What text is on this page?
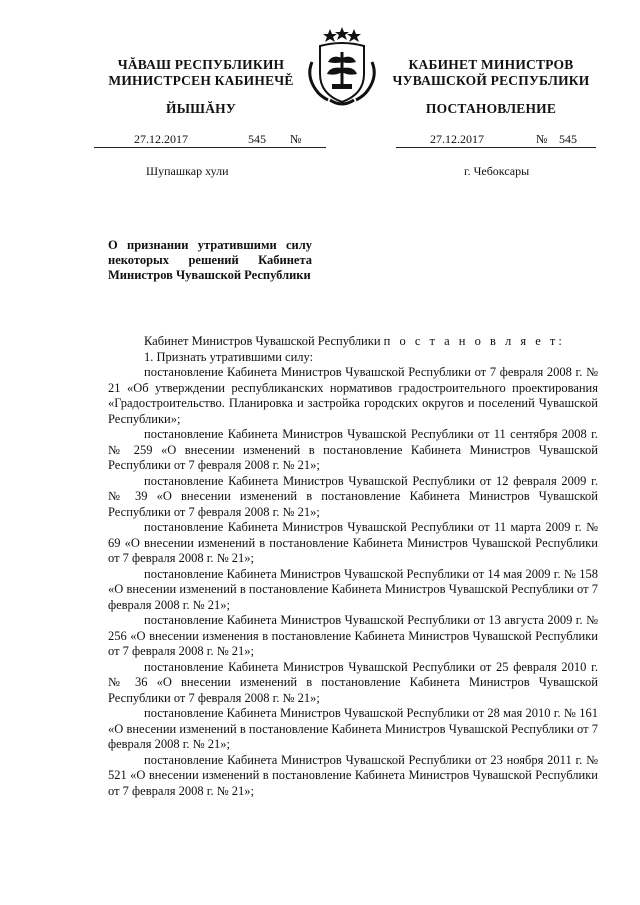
ЧĂВАШ РЕСПУБЛИКИН
МИНИСТРСЕН КАБИНЕЧĚ
ЙЫШĂНУ
КАБИНЕТ МИНИСТРОВ
ЧУВАШСКОЙ РЕСПУБЛИКИ
ПОСТАНОВЛЕНИЕ
27.12.2017	545 №	27.12.2017	№ 545
Шупашкар хули	г. Чебоксары
О признании утратившими силу некоторых решений Кабинета Министров Чувашской Республики

Кабинет Министров Чувашской Республики п о с т а н о в л я е т:

1. Признать утратившими силу:

постановление Кабинета Министров Чувашской Республики от 7 февраля 2008 г. № 21 «Об утверждении республиканских нормативов градостроительного проектирования «Градостроительство. Планировка и застройка городских округов и поселений Чувашской Республики»;

постановление Кабинета Министров Чувашской Республики от 11 сентября 2008 г. № 259 «О внесении изменений в постановление Кабинета Министров Чувашской Республики от 7 февраля 2008 г. № 21»;

постановление Кабинета Министров Чувашской Республики от 12 февраля 2009 г. № 39 «О внесении изменений в постановление Кабинета Министров Чувашской Республики от 7 февраля 2008 г. № 21»;

постановление Кабинета Министров Чувашской Республики от 11 марта 2009 г. № 69 «О внесении изменений в постановление Кабинета Министров Чувашской Республики от 7 февраля 2008 г. № 21»;

постановление Кабинета Министров Чувашской Республики от 14 мая 2009 г. № 158 «О внесении изменений в постановление Кабинета Министров Чувашской Республики от 7 февраля 2008 г. № 21»;

постановление Кабинета Министров Чувашской Республики от 13 августа 2009 г. № 256 «О внесении изменения в постановление Кабинета Министров Чувашской Республики от 7 февраля 2008 г. № 21»;

постановление Кабинета Министров Чувашской Республики от 25 февраля 2010 г. № 36 «О внесении изменений в постановление Кабинета Министров Чувашской Республики от 7 февраля 2008 г. № 21»;

постановление Кабинета Министров Чувашской Республики от 28 мая 2010 г. № 161 «О внесении изменений в постановление Кабинета Министров Чувашской Республики от 7 февраля 2008 г. № 21»;

постановление Кабинета Министров Чувашской Республики от 23 ноября 2011 г. № 521 «О внесении изменений в постановление Кабинета Министров Чувашской Республики от 7 февраля 2008 г. № 21»;
